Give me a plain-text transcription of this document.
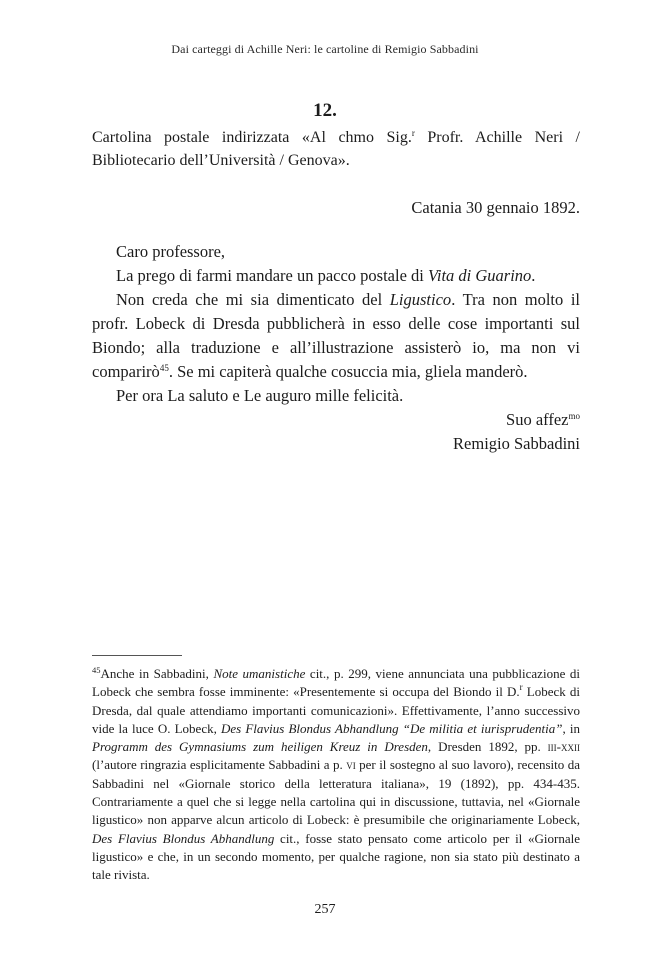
Dai carteggi di Achille Neri: le cartoline di Remigio Sabbadini
12.
Cartolina postale indirizzata «Al chmo Sig.$^r$ Profr. Achille Neri / Bibliotecario dell’Università / Genova».
Catania 30 gennaio 1892.

Caro professore,

La prego di farmi mandare un pacco postale di Vita di Guarino.

Non creda che mi sia dimenticato del Ligustico. Tra non molto il profr. Lobeck di Dresda pubblicherà in esso delle cose importanti sul Biondo; alla traduzione e all’illustrazione assisterò io, ma non vi comparirò$^{45}$. Se mi capiterà qualche cosuccia mia, gliela manderò.

Per ora La saluto e Le auguro mille felicità.

Suo affez$^{mo}$

Remigio Sabbadini

$^{45}$Anche in Sabbadini, Note umanistiche cit., p. 299, viene annunciata una pubblicazione di Lobeck che sembra fosse imminente: «Presentemente si occupa del Biondo il D.$^r$ Lobeck di Dresda, dal quale attendiamo importanti comunicazioni». Effettivamente, l’anno successivo vide la luce O. Lobeck, Des Flavius Blondus Abhandlung “De militia et iurisprudentia”, in Programm des Gymnasiums zum heiligen Kreuz in Dresden, Dresden 1892, pp. iii-xxii (l’autore ringrazia esplicitamente Sabbadini a p. vi per il sostegno al suo lavoro), recensito da Sabbadini nel «Giornale storico della letteratura italiana», 19 (1892), pp. 434-435. Contrariamente a quel che si legge nella cartolina qui in discussione, tuttavia, nel «Giornale ligustico» non apparve alcun articolo di Lobeck: è presumibile che originariamente Lobeck, Des Flavius Blondus Abhandlung cit., fosse stato pensato come articolo per il «Giornale ligustico» e che, in un secondo momento, per qualche ragione, non sia stato più destinato a tale rivista.
257
